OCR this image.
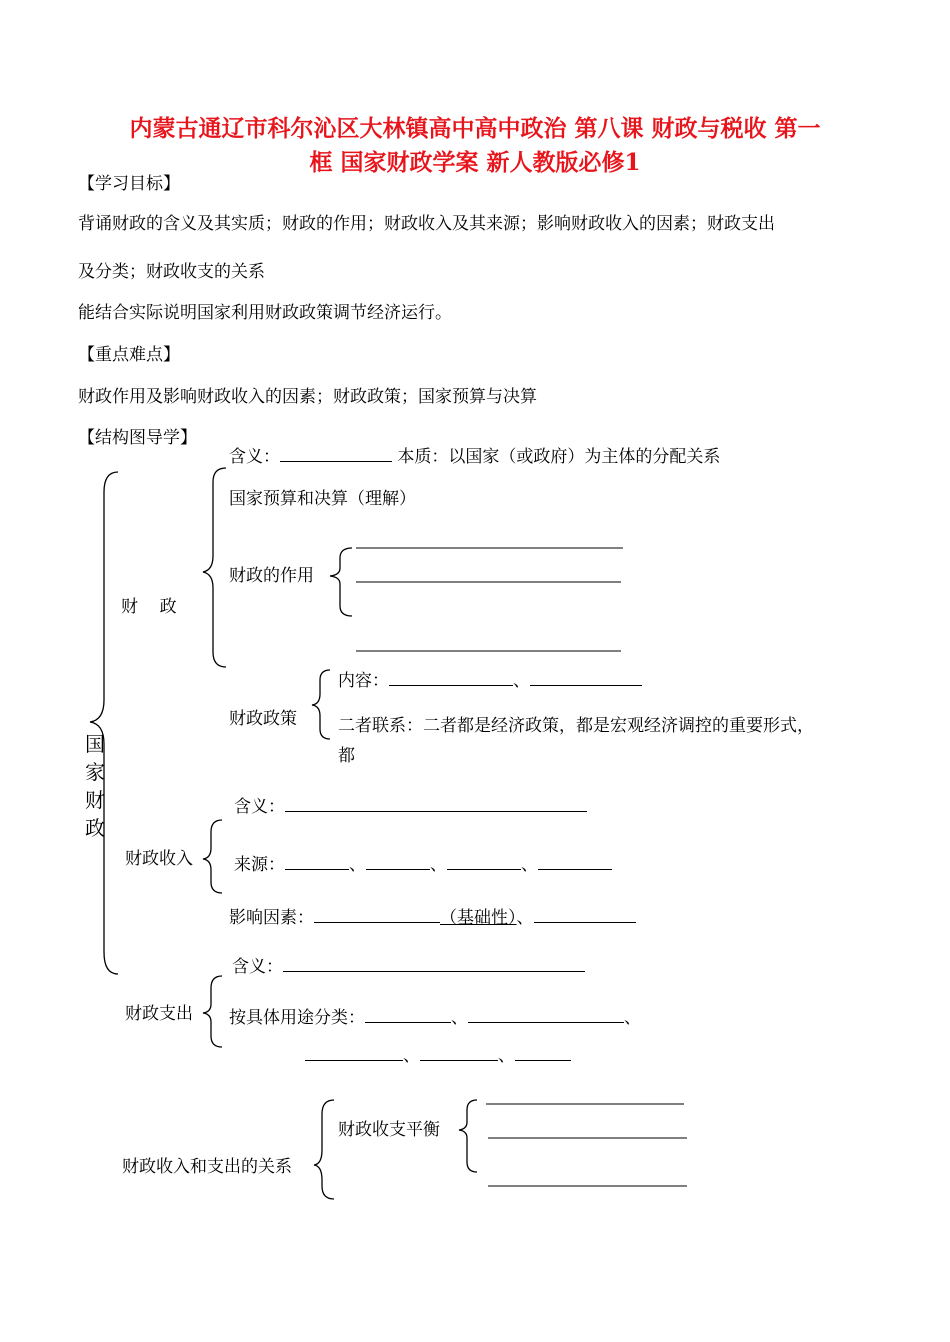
内蒙古通辽市科尔沁区大林镇高中高中政治 第八课 财政与税收 第一
框 国家财政学案 新人教版必修1
【学习目标】
背诵财政的含义及其实质；财政的作用；财政收入及其来源；影响财政收入的因素；财政支出
及分类；财政收支的关系
能结合实际说明国家利用财政政策调节经济运行。
【重点难点】
财政作用及影响财政收入的因素；财政政策；国家预算与决算
【结构图导学】
国
家
财
政
财    政
含义：	本质：以国家（或政府）为主体的分配关系
国家预算和决算（理解）
财政的作用
财政政策
内容：	、
二者联系：二者都是经济政策，都是宏观经济调控的重要形式，
都
财政收入
含义：
来源：	、	、	、
影响因素：	（基础性）、
财政支出
含义：
按具体用途分类：	、	、
、	、
财政收入和支出的关系
财政收支平衡
